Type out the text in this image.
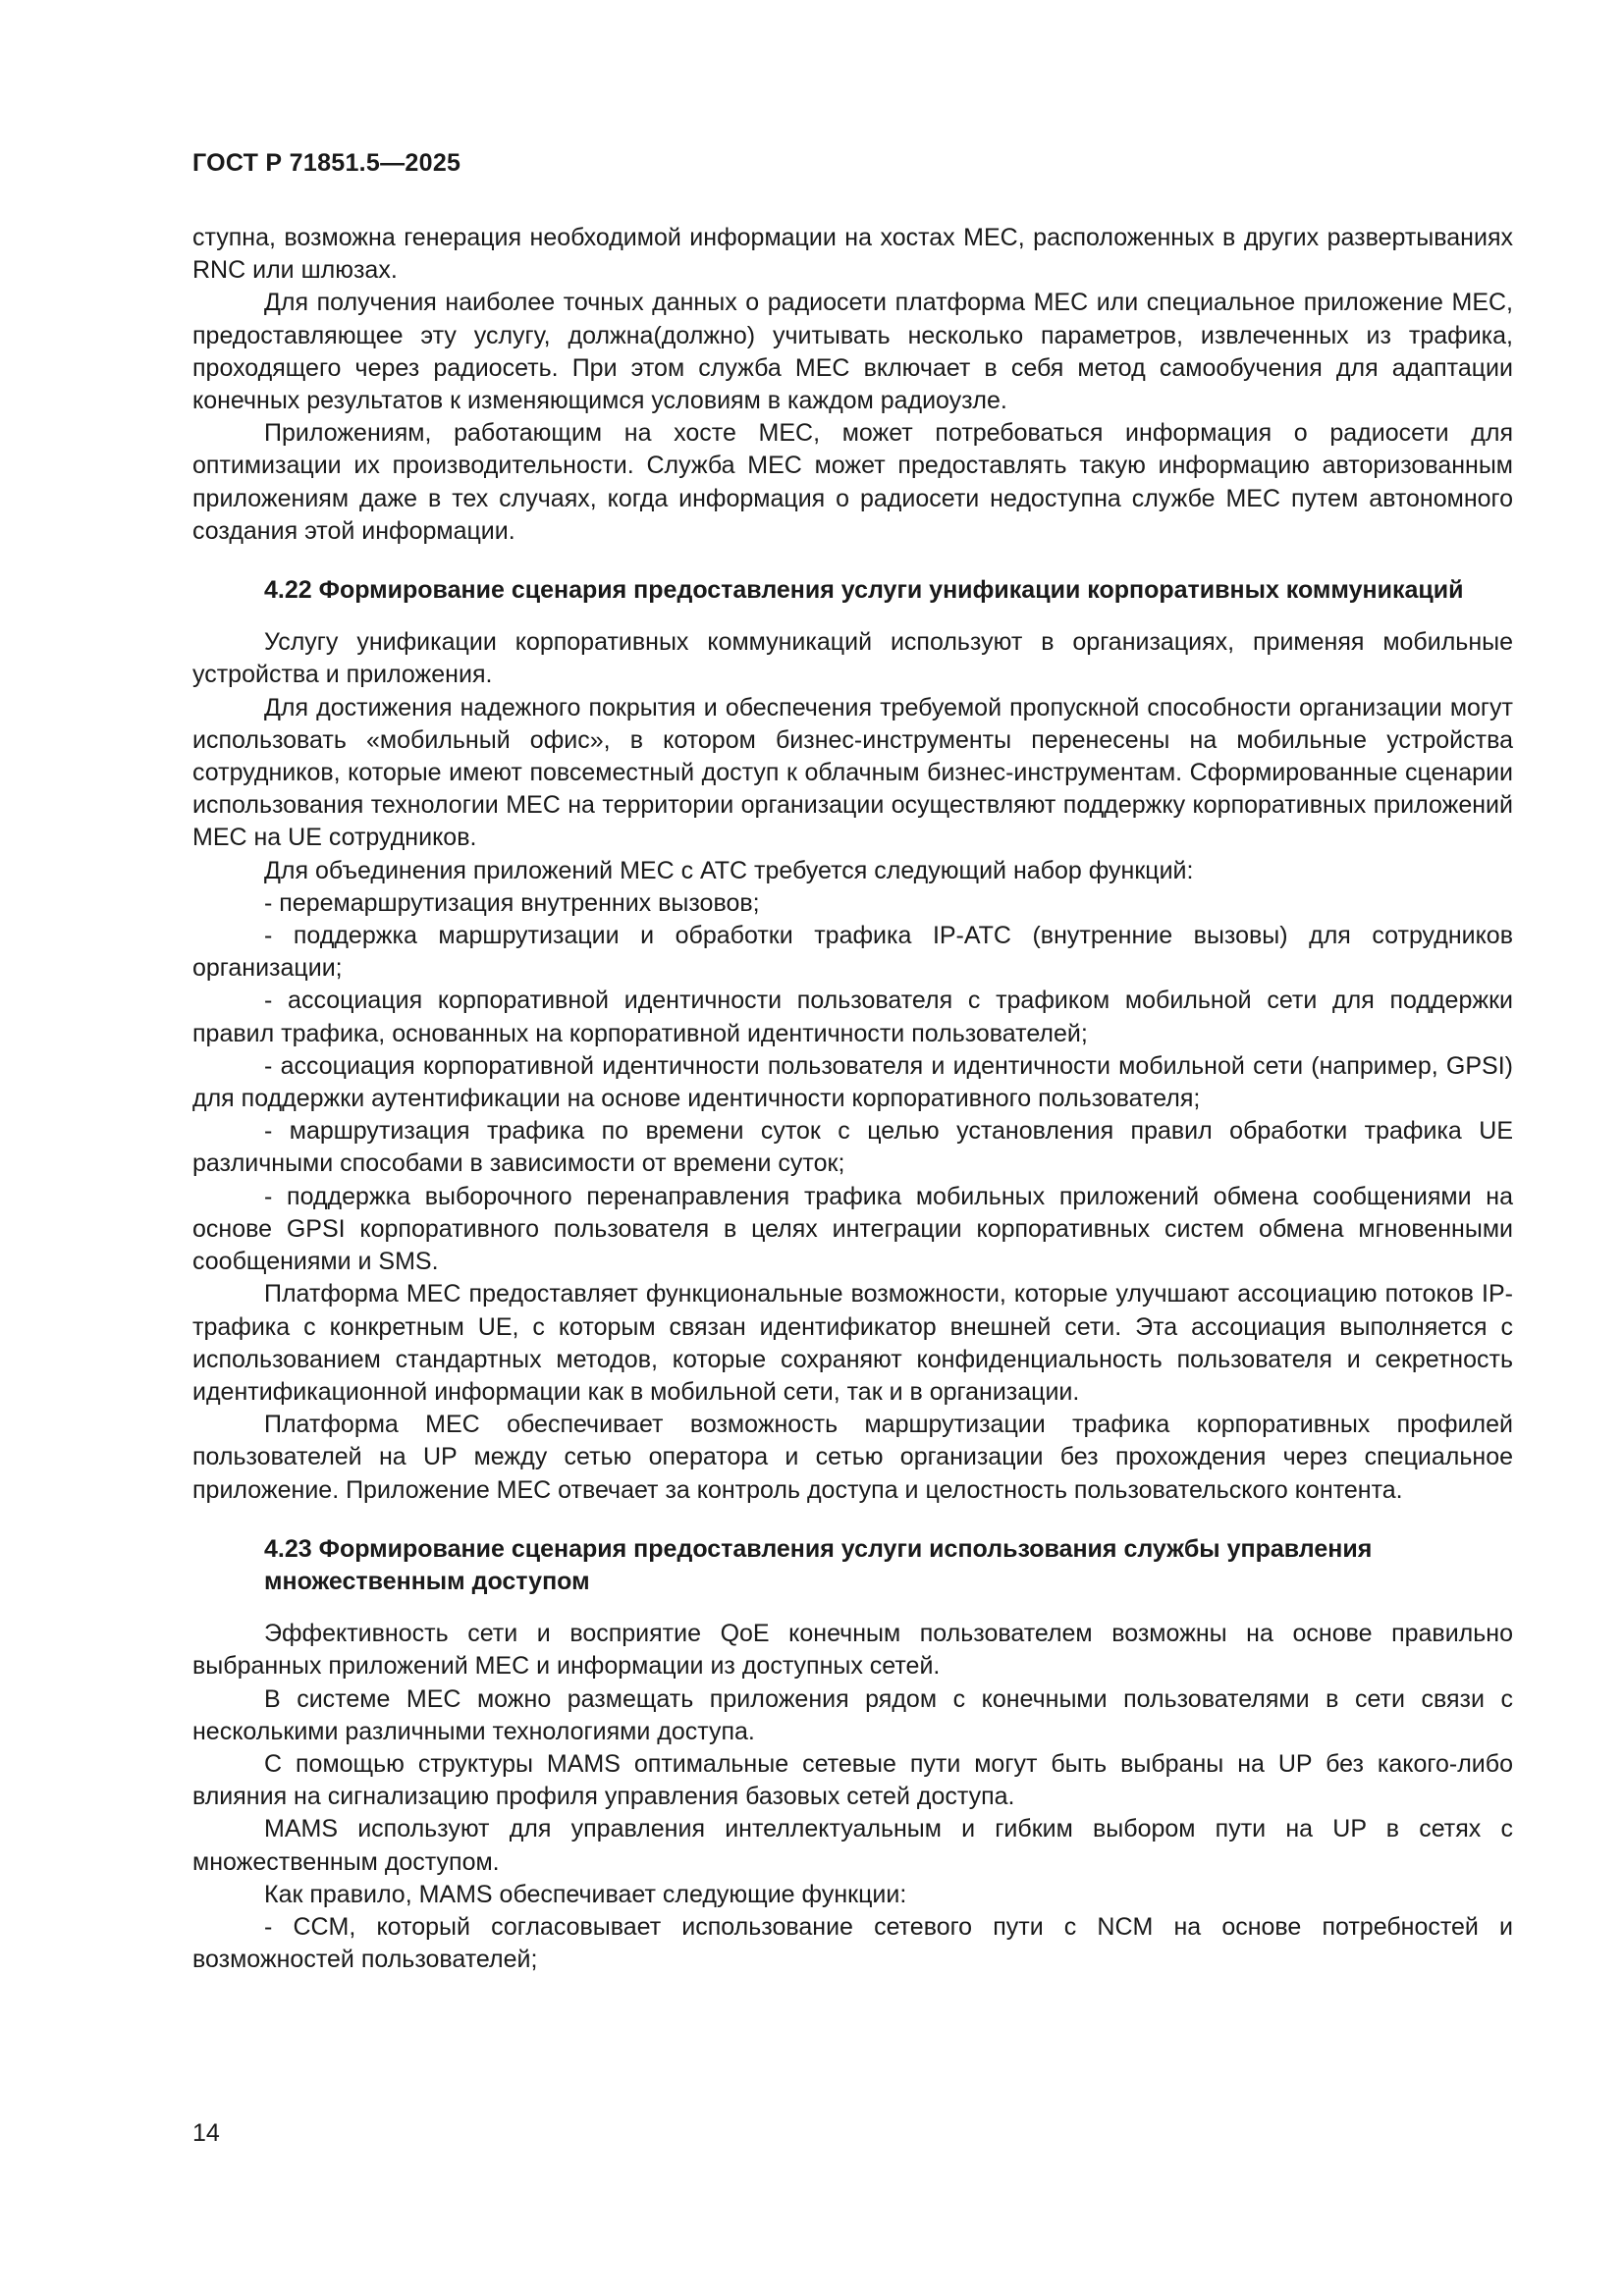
ГОСТ Р 71851.5—2025

ступна, возможна генерация необходимой информации на хостах МЕС, расположенных в других развертываниях RNC или шлюзах.

Для получения наиболее точных данных о радиосети платформа МЕС или специальное приложение МЕС, предоставляющее эту услугу, должна(должно) учитывать несколько параметров, извлеченных из трафика, проходящего через радиосеть. При этом служба МЕС включает в себя метод самообучения для адаптации конечных результатов к изменяющимся условиям в каждом радиоузле.

Приложениям, работающим на хосте МЕС, может потребоваться информация о радиосети для оптимизации их производительности. Служба МЕС может предоставлять такую информацию авторизованным приложениям даже в тех случаях, когда информация о радиосети недоступна службе МЕС путем автономного создания этой информации.

4.22 Формирование сценария предоставления услуги унификации корпоративных коммуникаций

Услугу унификации корпоративных коммуникаций используют в организациях, применяя мобильные устройства и приложения.

Для достижения надежного покрытия и обеспечения требуемой пропускной способности организации могут использовать «мобильный офис», в котором бизнес-инструменты перенесены на мобильные устройства сотрудников, которые имеют повсеместный доступ к облачным бизнес-инструментам. Сформированные сценарии использования технологии МЕС на территории организации осуществляют поддержку корпоративных приложений МЕС на UE сотрудников.

Для объединения приложений МЕС с АТС требуется следующий набор функций:

- перемаршрутизация внутренних вызовов;

- поддержка маршрутизации и обработки трафика IP-АТС (внутренние вызовы) для сотрудников организации;

- ассоциация корпоративной идентичности пользователя с трафиком мобильной сети для поддержки правил трафика, основанных на корпоративной идентичности пользователей;

- ассоциация корпоративной идентичности пользователя и идентичности мобильной сети (например, GPSI) для поддержки аутентификации на основе идентичности корпоративного пользователя;

- маршрутизация трафика по времени суток с целью установления правил обработки трафика UE различными способами в зависимости от времени суток;

- поддержка выборочного перенаправления трафика мобильных приложений обмена сообщениями на основе GPSI корпоративного пользователя в целях интеграции корпоративных систем обмена мгновенными сообщениями и SMS.

Платформа МЕС предоставляет функциональные возможности, которые улучшают ассоциацию потоков IP-трафика с конкретным UE, с которым связан идентификатор внешней сети. Эта ассоциация выполняется с использованием стандартных методов, которые сохраняют конфиденциальность пользователя и секретность идентификационной информации как в мобильной сети, так и в организации.

Платформа МЕС обеспечивает возможность маршрутизации трафика корпоративных профилей пользователей на UP между сетью оператора и сетью организации без прохождения через специальное приложение. Приложение МЕС отвечает за контроль доступа и целостность пользовательского контента.

4.23 Формирование сценария предоставления услуги использования службы управления множественным доступом

Эффективность сети и восприятие QoE конечным пользователем возможны на основе правильно выбранных приложений МЕС и информации из доступных сетей.

В системе МЕС можно размещать приложения рядом с конечными пользователями в сети связи с несколькими различными технологиями доступа.

С помощью структуры MAMS оптимальные сетевые пути могут быть выбраны на UP без какого-либо влияния на сигнализацию профиля управления базовых сетей доступа.

MAMS используют для управления интеллектуальным и гибким выбором пути на UP в сетях с множественным доступом.

Как правило, MAMS обеспечивает следующие функции:

- CCM, который согласовывает использование сетевого пути с NCM на основе потребностей и возможностей пользователей;

14
